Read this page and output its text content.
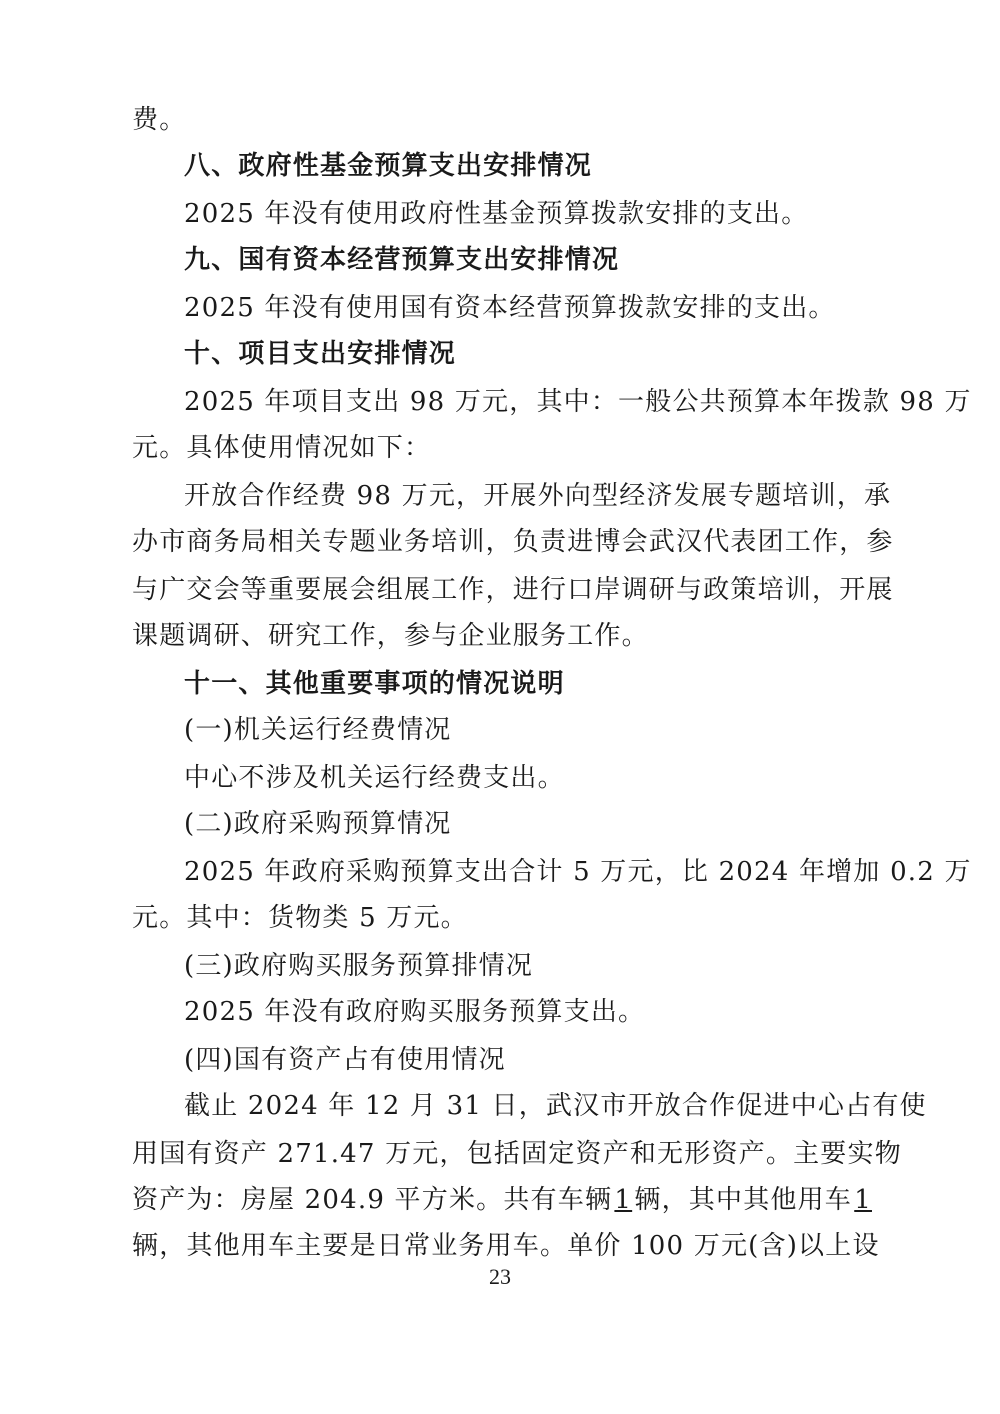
费。
八、政府性基金预算支出安排情况
2025 年没有使用政府性基金预算拨款安排的支出。
九、国有资本经营预算支出安排情况
2025 年没有使用国有资本经营预算拨款安排的支出。
十、项目支出安排情况
2025 年项目支出 98 万元，其中：一般公共预算本年拨款 98 万
元。具体使用情况如下：
开放合作经费 98 万元，开展外向型经济发展专题培训，承
办市商务局相关专题业务培训，负责进博会武汉代表团工作，参
与广交会等重要展会组展工作，进行口岸调研与政策培训，开展
课题调研、研究工作，参与企业服务工作。
十一、其他重要事项的情况说明
(一)机关运行经费情况
中心不涉及机关运行经费支出。
(二)政府采购预算情况
2025 年政府采购预算支出合计 5 万元，比 2024 年增加 0.2 万
元。其中：货物类 5 万元。
(三)政府购买服务预算排情况
2025 年没有政府购买服务预算支出。
(四)国有资产占有使用情况
截止 2024 年 12 月 31 日，武汉市开放合作促进中心占有使
用国有资产 271.47 万元，包括固定资产和无形资产。主要实物
资产为：房屋 204.9 平方米。共有车辆 1 辆，其中其他用车 1
辆，其他用车主要是日常业务用车。单价 100 万元(含)以上设
23
